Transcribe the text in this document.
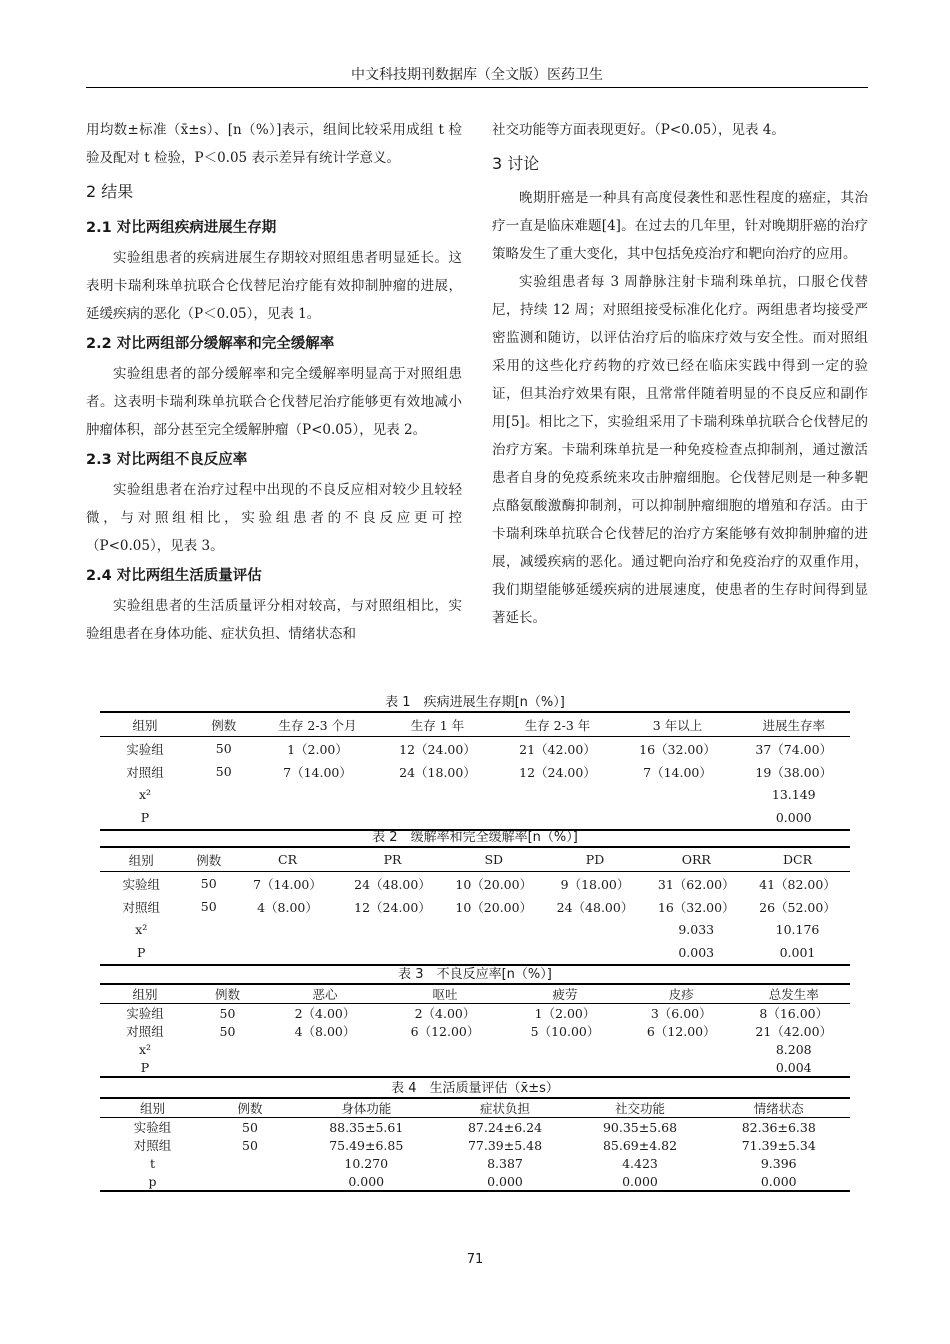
中文科技期刊数据库（全文版）医药卫生

用均数±标准（x̄±s）、[n（%）]表示，组间比较采用成组 t 检验及配对 t 检验，P＜0.05 表示差异有统计学意义。

2 结果
2.1 对比两组疾病进展生存期

实验组患者的疾病进展生存期较对照组患者明显延长。这表明卡瑞利珠单抗联合仑伐替尼治疗能有效抑制肿瘤的进展，延缓疾病的恶化（P＜0.05），见表 1。

2.2 对比两组部分缓解率和完全缓解率

实验组患者的部分缓解率和完全缓解率明显高于对照组患者。这表明卡瑞利珠单抗联合仑伐替尼治疗能够更有效地减小肿瘤体积，部分甚至完全缓解肿瘤（P<0.05），见表 2。

2.3 对比两组不良反应率

实验组患者在治疗过程中出现的不良反应相对较少且较轻微，与对照组相比，实验组患者的不良反应更可控（P<0.05），见表 3。

2.4 对比两组生活质量评估

实验组患者的生活质量评分相对较高，与对照组相比，实验组患者在身体功能、症状负担、情绪状态和

社交功能等方面表现更好。（P<0.05），见表 4。

3 讨论

晚期肝癌是一种具有高度侵袭性和恶性程度的癌症，其治疗一直是临床难题[4]。在过去的几年里，针对晚期肝癌的治疗策略发生了重大变化，其中包括免疫治疗和靶向治疗的应用。

实验组患者每 3 周静脉注射卡瑞利珠单抗，口服仑伐替尼，持续 12 周；对照组接受标准化化疗。两组患者均接受严密监测和随访，以评估治疗后的临床疗效与安全性。而对照组采用的这些化疗药物的疗效已经在临床实践中得到一定的验证，但其治疗效果有限，且常常伴随着明显的不良反应和副作用[5]。相比之下，实验组采用了卡瑞利珠单抗联合仑伐替尼的治疗方案。卡瑞利珠单抗是一种免疫检查点抑制剂，通过激活患者自身的免疫系统来攻击肿瘤细胞。仑伐替尼则是一种多靶点酪氨酸激酶抑制剂，可以抑制肿瘤细胞的增殖和存活。由于卡瑞利珠单抗联合仑伐替尼的治疗方案能够有效抑制肿瘤的进展，减缓疾病的恶化。通过靶向治疗和免疫治疗的双重作用，我们期望能够延缓疾病的进展速度，使患者的生存时间得到显著延长。

表 1　疾病进展生存期[n（%）]
组别	例数	生存 2-3 个月	生存 1 年	生存 2-3 年	3 年以上	进展生存率
实验组	50	1（2.00）	12（24.00）	21（42.00）	16（32.00）	37（74.00）
对照组	50	7（14.00）	24（18.00）	12（24.00）	7（14.00）	19（38.00）
x²						13.149
P						0.000
表 2　缓解率和完全缓解率[n（%）]
组别	例数	CR	PR	SD	PD	ORR	DCR
实验组	50	7（14.00）	24（48.00）	10（20.00）	9（18.00）	31（62.00）	41（82.00）
对照组	50	4（8.00）	12（24.00）	10（20.00）	24（48.00）	16（32.00）	26（52.00）
x²						9.033	10.176
P						0.003	0.001
表 3　不良反应率[n（%）]
组别	例数	恶心	呕吐	疲劳	皮疹	总发生率
实验组	50	2（4.00）	2（4.00）	1（2.00）	3（6.00）	8（16.00）
对照组	50	4（8.00）	6（12.00）	5（10.00）	6（12.00）	21（42.00）
x²						8.208
P						0.004
表 4　生活质量评估（x̄±s）
组别	例数	身体功能	症状负担	社交功能	情绪状态
实验组	50	88.35±5.61	87.24±6.24	90.35±5.68	82.36±6.38
对照组	50	75.49±6.85	77.39±5.48	85.69±4.82	71.39±5.34
t		10.270	8.387	4.423	9.396
p		0.000	0.000	0.000	0.000
71
